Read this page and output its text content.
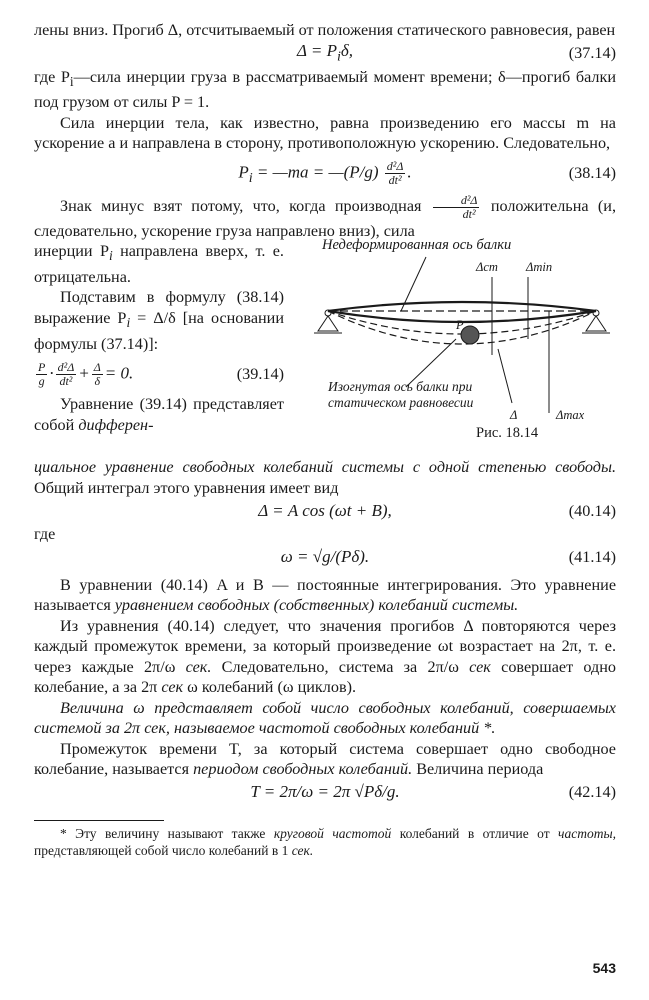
лены вниз. Прогиб Δ, отсчитываемый от положения статического равновесия, равен

$\Delta = P_i\delta$,	(37.14)

где $P_i—сила$ инерции груза в рассматриваемый момент времени; δ—прогиб балки под грузом от силы P = 1.

Сила инерции тела, как известно, равна произведению его массы m на ускорение a и направлена в сторону, противоположную ускорению. Следовательно,

$P_i$ = —ma = —(P/g) $\frac{\text{d²Δ}}{\text{dt²}}$ .	(38.14)

Знак минус взят потому, что, когда производная $\frac{\text{d²Δ}}{\text{dt²}}$ положительна (и, следовательно, ускорение груза направлено вниз), сила

инерции $P_i$ направлена вверх, т. е. отрицательна.

Подставим в формулу (38.14) выражение $P_i = \Delta/\delta$ [на основании формулы (37.14)]:

$\frac{P}{g} \cdot \frac{\text{d²Δ}}{\text{dt²}} + \frac{\Delta}{\delta} = 0$.	(39.14)

Уравнение (39.14) представляет собой дифферен-

Недеформированная ось балки
Δст Δmin
P
Δ	Δmax
Изогнутая ось балки при статическом равновесии
Рис. 18.14

циальное уравнение свободных колебаний системы с одной степенью свободы. Общий интеграл этого уравнения имеет вид

Δ = A cos (ωt + B),	(40.14)

где

ω = √g/(Pδ).	(41.14)

В уравнении (40.14) A и B — постоянные интегрирования. Это уравнение называется уравнением свободных (собственных) колебаний системы.

Из уравнения (40.14) следует, что значения прогибов Δ повторяются через каждый промежуток времени, за который произведение ωt возрастает на 2π, т. е. через каждые 2π/ω сек. Следовательно, система за 2π/ω сек совершает одно колебание, а за 2π сек ω колебаний (ω циклов).

Величина ω представляет собой число свободных колебаний, совершаемых системой за 2π сек, называемое частотой свободных колебаний *.

Промежуток времени T, за который система совершает одно свободное колебание, называется периодом свободных колебаний. Величина периода

T = 2π/ω = 2π √Pδ/g.	(42.14)

* Эту величину называют также круговой частотой колебаний в отличие от частоты, представляющей собой число колебаний в 1 сек.

543
